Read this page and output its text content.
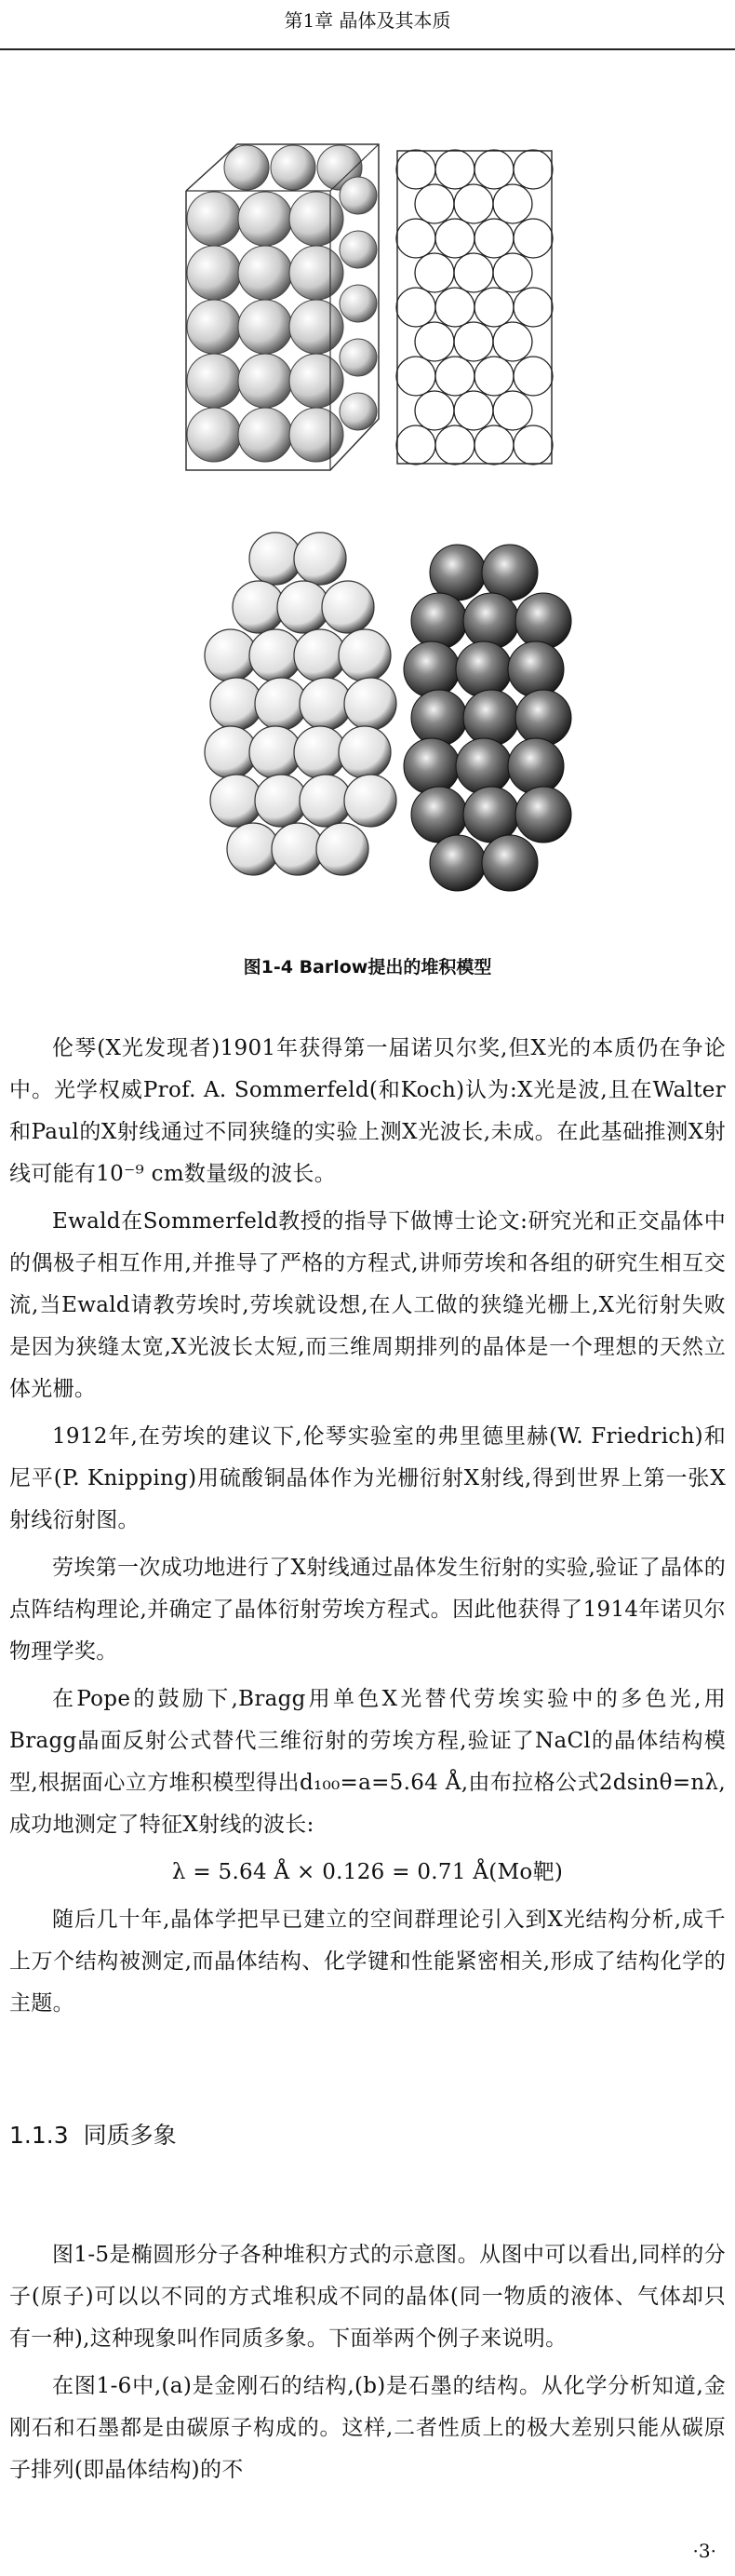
第1章 晶体及其本质
图1-4 Barlow提出的堆积模型

伦琴(X光发现者)1901年获得第一届诺贝尔奖,但X光的本质仍在争论中。光学权威Prof. A. Sommerfeld(和Koch)认为:X光是波,且在Walter和Paul的X射线通过不同狭缝的实验上测X光波长,未成。在此基础推测X射线可能有10⁻⁹ cm数量级的波长。

Ewald在Sommerfeld教授的指导下做博士论文:研究光和正交晶体中的偶极子相互作用,并推导了严格的方程式,讲师劳埃和各组的研究生相互交流,当Ewald请教劳埃时,劳埃就设想,在人工做的狭缝光栅上,X光衍射失败是因为狭缝太宽,X光波长太短,而三维周期排列的晶体是一个理想的天然立体光栅。

1912年,在劳埃的建议下,伦琴实验室的弗里德里赫(W. Friedrich)和尼平(P. Knipping)用硫酸铜晶体作为光栅衍射X射线,得到世界上第一张X射线衍射图。

劳埃第一次成功地进行了X射线通过晶体发生衍射的实验,验证了晶体的点阵结构理论,并确定了晶体衍射劳埃方程式。因此他获得了1914年诺贝尔物理学奖。

在Pope的鼓励下,Bragg用单色X光替代劳埃实验中的多色光,用Bragg晶面反射公式替代三维衍射的劳埃方程,验证了NaCl的晶体结构模型,根据面心立方堆积模型得出d₁₀₀=a=5.64 Å,由布拉格公式2dsinθ=nλ,成功地测定了特征X射线的波长:

λ = 5.64 Å × 0.126 = 0.71 Å(Mo靶)

随后几十年,晶体学把早已建立的空间群理论引入到X光结构分析,成千上万个结构被测定,而晶体结构、化学键和性能紧密相关,形成了结构化学的主题。

1.1.3 同质多象

图1-5是椭圆形分子各种堆积方式的示意图。从图中可以看出,同样的分子(原子)可以以不同的方式堆积成不同的晶体(同一物质的液体、气体却只有一种),这种现象叫作同质多象。下面举两个例子来说明。

在图1-6中,(a)是金刚石的结构,(b)是石墨的结构。从化学分析知道,金刚石和石墨都是由碳原子构成的。这样,二者性质上的极大差别只能从碳原子排列(即晶体结构)的不

·3·
